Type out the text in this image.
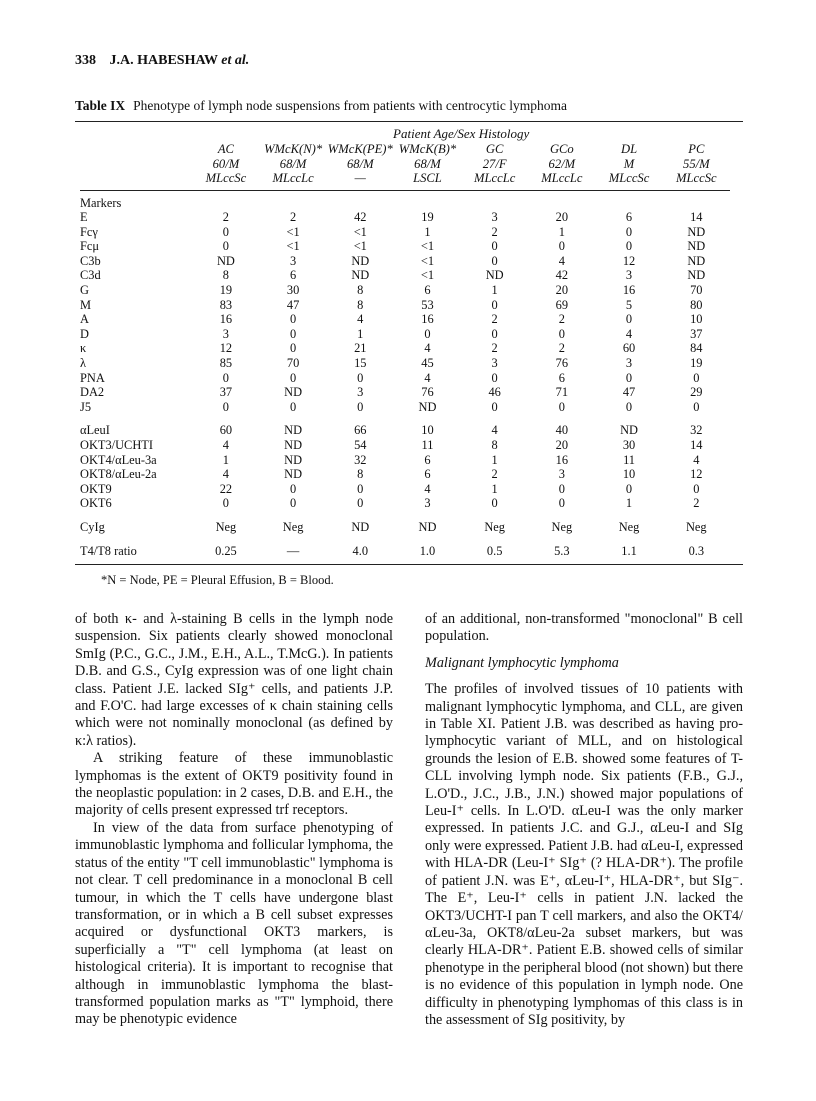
338 J.A. HABESHAW et al.
Table IX Phenotype of lymph node suspensions from patients with centrocytic lymphoma
	Patient Age/Sex Histology							
	AC	WMcK(N)*	WMcK(PE)*	WMcK(B)*	GC	GCo	DL	PC
	60/M	68/M	68/M	68/M	27/F	62/M	M	55/M
	MLccSc	MLccLc	—	LSCL	MLccLc	MLccLc	MLccSc	MLccSc

Markers								
E	2	2	42	19	3	20	6	14
Fcγ	0	<1	<1	1	2	1	0	ND
Fcμ	0	<1	<1	<1	0	0	0	ND
C3b	ND	3	ND	<1	0	4	12	ND
C3d	8	6	ND	<1	ND	42	3	ND
G	19	30	8	6	1	20	16	70
M	83	47	8	53	0	69	5	80
A	16	0	4	16	2	2	0	10
D	3	0	1	0	0	0	4	37
κ	12	0	21	4	2	2	60	84
λ	85	70	15	45	3	76	3	19
PNA	0	0	0	4	0	6	0	0
DA2	37	ND	3	76	46	71	47	29
J5	0	0	0	ND	0	0	0	0

αLeuI	60	ND	66	10	4	40	ND	32
OKT3/UCHTI	4	ND	54	11	8	20	30	14
OKT4/αLeu-3a	1	ND	32	6	1	16	11	4
OKT8/αLeu-2a	4	ND	8	6	2	3	10	12
OKT9	22	0	0	4	1	0	0	0
OKT6	0	0	0	3	0	0	1	2

CyIg	Neg	Neg	ND	ND	Neg	Neg	Neg	Neg

T4/T8 ratio	0.25	—	4.0	1.0	0.5	5.3	1.1	0.3

*N = Node, PE = Pleural Effusion, B = Blood.

of both κ- and λ-staining B cells in the lymph node suspension. Six patients clearly showed monoclonal SmIg (P.C., G.C., J.M., E.H., A.L., T.McG.). In patients D.B. and G.S., CyIg expression was of one light chain class. Patient J.E. lacked SIg⁺ cells, and patients J.P. and F.O'C. had large excesses of κ chain staining cells which were not nominally monoclonal (as defined by κ:λ ratios).

A striking feature of these immunoblastic lymphomas is the extent of OKT9 positivity found in the neoplastic population: in 2 cases, D.B. and E.H., the majority of cells present expressed trf receptors.

In view of the data from surface phenotyping of immunoblastic lymphoma and follicular lymphoma, the status of the entity "T cell immunoblastic" lymphoma is not clear. T cell predominance in a monoclonal B cell tumour, in which the T cells have undergone blast transformation, or in which a B cell subset expresses acquired or dysfunctional OKT3 markers, is superficially a "T" cell lymphoma (at least on histological criteria). It is important to recognise that although in immunoblastic lymphoma the blast-transformed population marks as "T" lymphoid, there may be phenotypic evidence

of an additional, non-transformed "monoclonal" B cell population.

Malignant lymphocytic lymphoma

The profiles of involved tissues of 10 patients with malignant lymphocytic lymphoma, and CLL, are given in Table XI. Patient J.B. was described as having pro-lymphocytic variant of MLL, and on histological grounds the lesion of E.B. showed some features of T-CLL involving lymph node. Six patients (F.B., G.J., L.O'D., J.C., J.B., J.N.) showed major populations of Leu-I⁺ cells. In L.O'D. αLeu-I was the only marker expressed. In patients J.C. and G.J., αLeu-I and SIg only were expressed. Patient J.B. had αLeu-I, expressed with HLA-DR (Leu-I⁺ SIg⁺ (? HLA-DR⁺). The profile of patient J.N. was E⁺, αLeu-I⁺, HLA-DR⁺, but SIg⁻. The E⁺, Leu-I⁺ cells in patient J.N. lacked the OKT3/UCHT-I pan T cell markers, and also the OKT4/αLeu-3a, OKT8/αLeu-2a subset markers, but was clearly HLA-DR⁺. Patient E.B. showed cells of similar phenotype in the peripheral blood (not shown) but there is no evidence of this population in lymph node. One difficulty in phenotyping lymphomas of this class is in the assessment of SIg positivity, by
